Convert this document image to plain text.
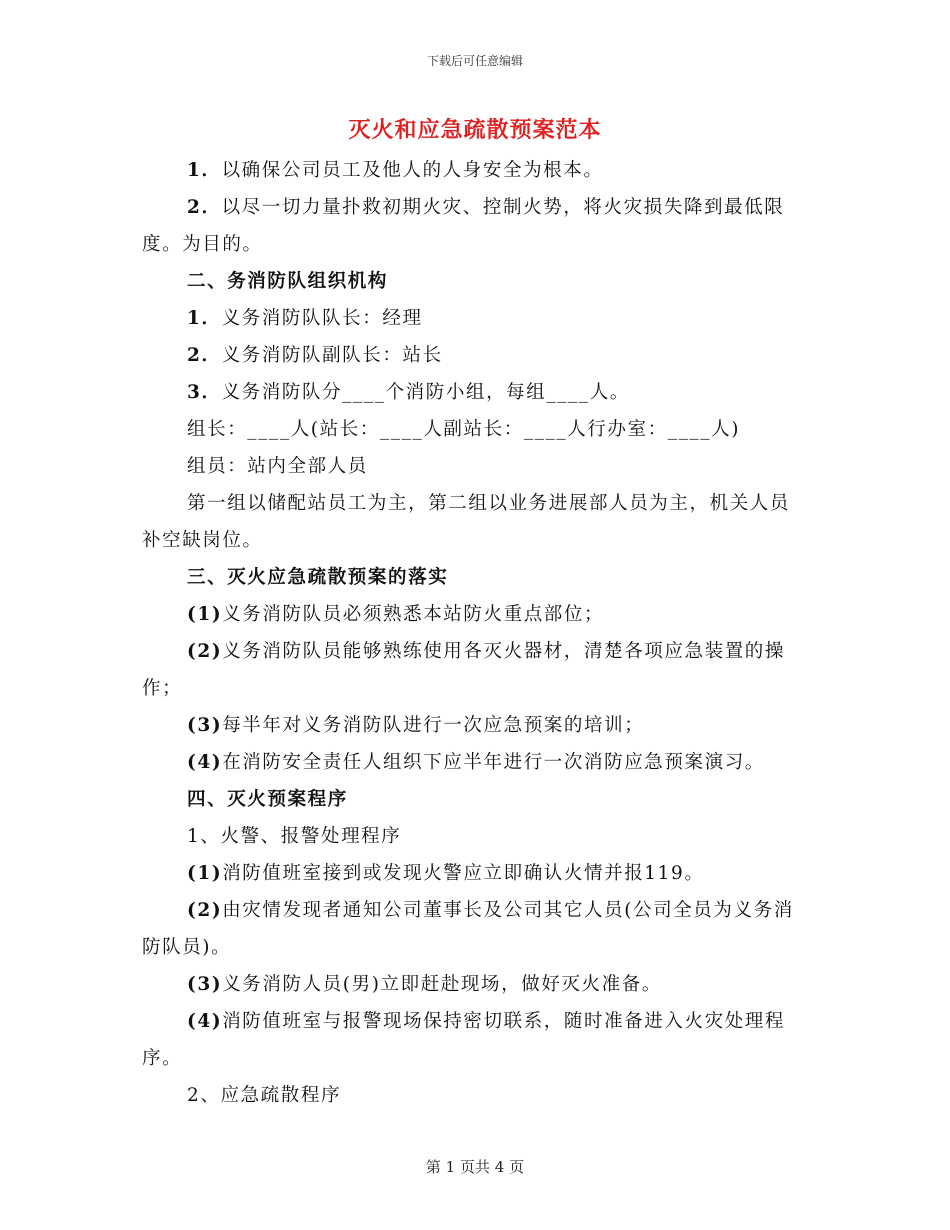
下载后可任意编辑
灭火和应急疏散预案范本

1．以确保公司员工及他人的人身安全为根本。

2．以尽一切力量扑救初期火灾、控制火势，将火灾损失降到最低限度。为目的。

二、务消防队组织机构

1．义务消防队队长：经理

2．义务消防队副队长：站长

3．义务消防队分____个消防小组，每组____人。

组长：____人(站长：____人副站长：____人行办室：____人)

组员：站内全部人员

第一组以储配站员工为主，第二组以业务进展部人员为主，机关人员补空缺岗位。

三、灭火应急疏散预案的落实

(1)义务消防队员必须熟悉本站防火重点部位；

(2)义务消防队员能够熟练使用各灭火器材，清楚各项应急装置的操作；

(3)每半年对义务消防队进行一次应急预案的培训；

(4)在消防安全责任人组织下应半年进行一次消防应急预案演习。

四、灭火预案程序

1、火警、报警处理程序

(1)消防值班室接到或发现火警应立即确认火情并报119。

(2)由灾情发现者通知公司董事长及公司其它人员(公司全员为义务消防队员)。

(3)义务消防人员(男)立即赶赴现场，做好灭火准备。

(4)消防值班室与报警现场保持密切联系，随时准备进入火灾处理程序。

2、应急疏散程序

第 1 页共 4 页
